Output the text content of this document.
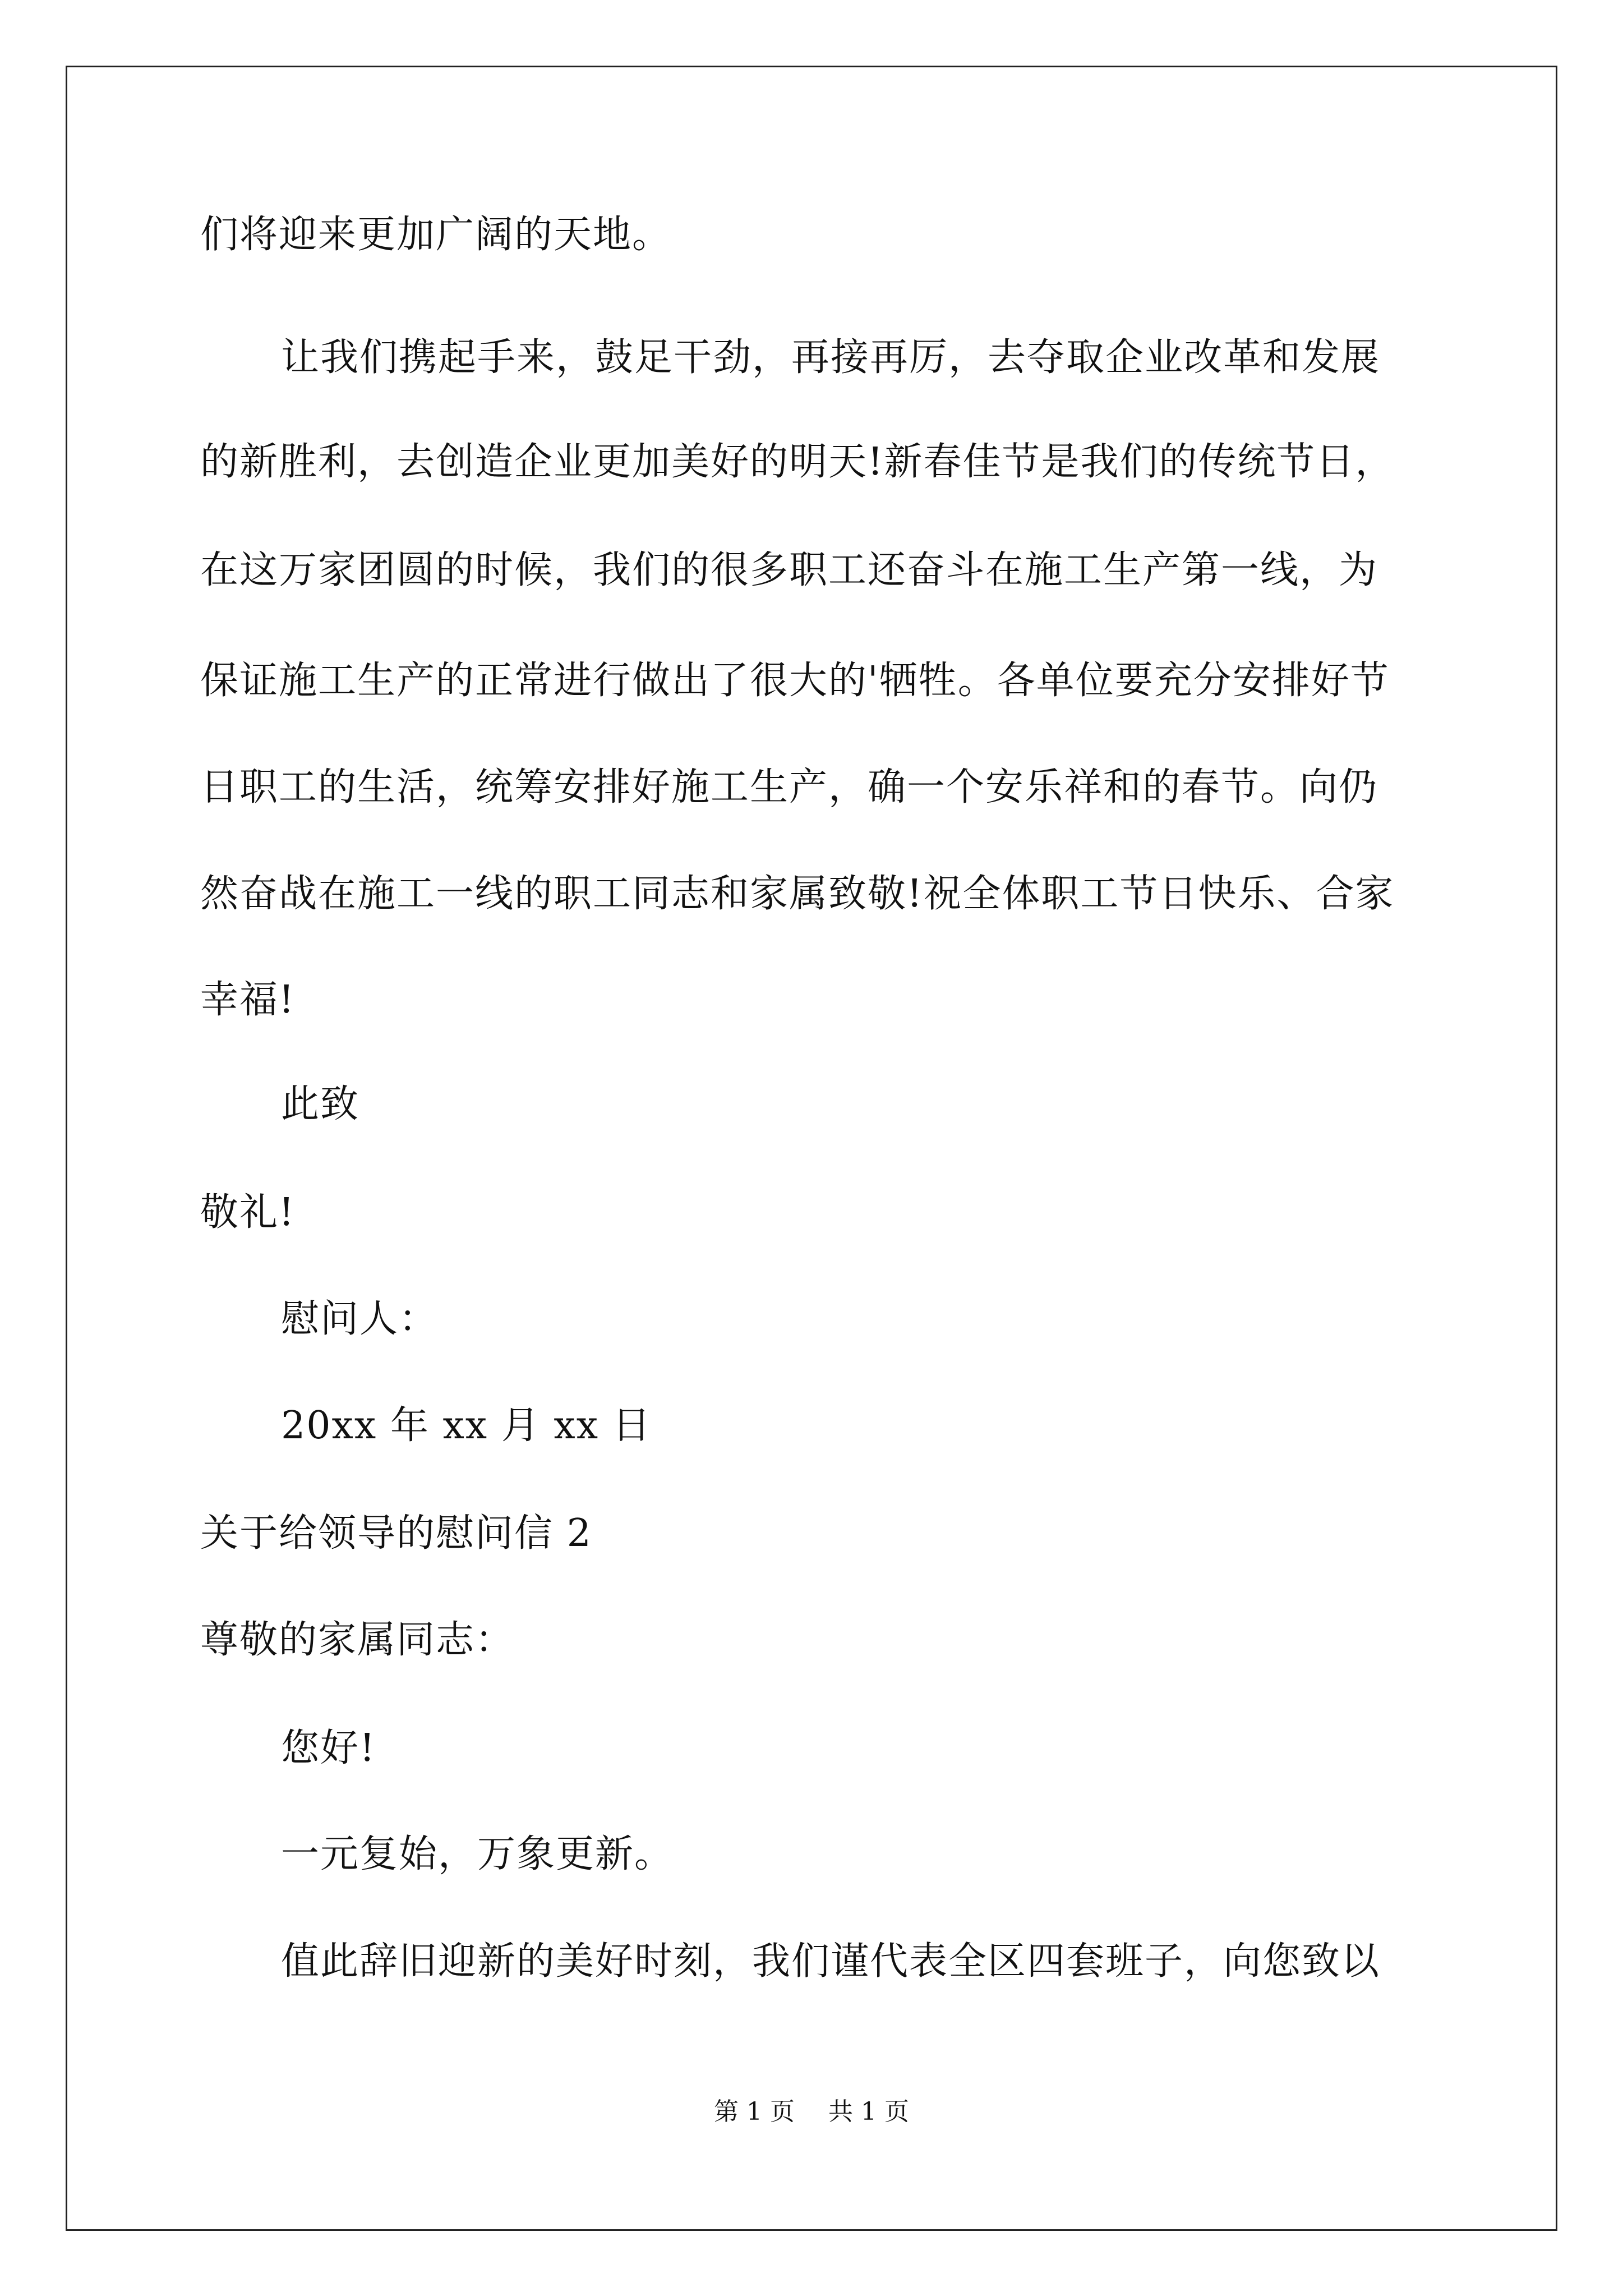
们将迎来更加广阔的天地。
让我们携起手来，鼓足干劲，再接再厉，去夺取企业改革和发展
的新胜利，去创造企业更加美好的明天!新春佳节是我们的传统节日，
在这万家团圆的时候，我们的很多职工还奋斗在施工生产第一线，为
保证施工生产的正常进行做出了很大的'牺牲。各单位要充分安排好节
日职工的生活，统筹安排好施工生产，确一个安乐祥和的春节。向仍
然奋战在施工一线的职工同志和家属致敬!祝全体职工节日快乐、合家
幸福!
此致
敬礼!
慰问人：
20xx 年 xx 月 xx 日
关于给领导的慰问信 2
尊敬的家属同志：
您好!
一元复始，万象更新。
值此辞旧迎新的美好时刻，我们谨代表全区四套班子，向您致以
第 1 页 共 1 页
